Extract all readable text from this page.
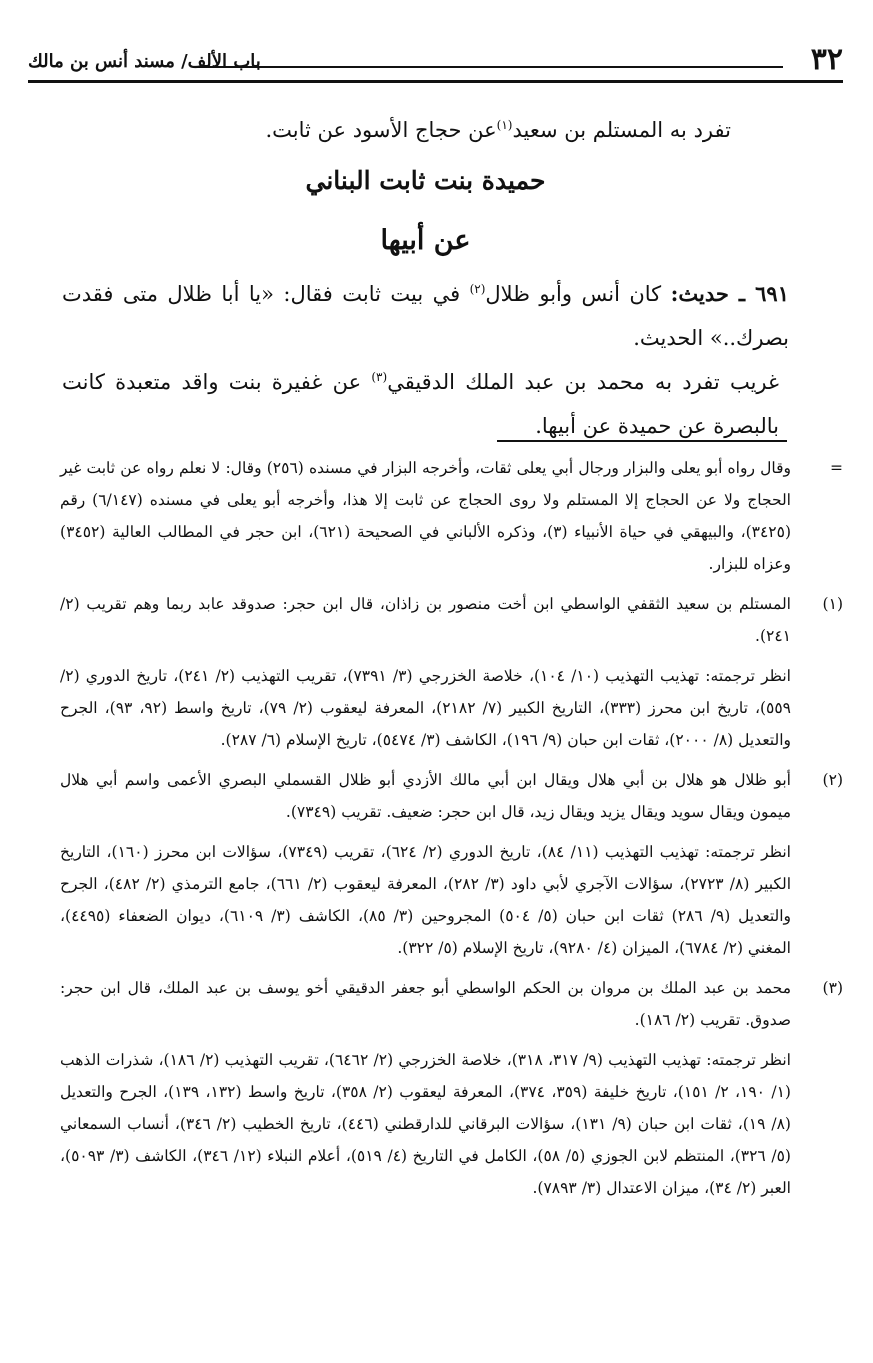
٣٢
باب الألف/ مسند أنس بن مالك

تفرد به المستلم بن سعيد$^{(١)}$عن حجاج الأسود عن ثابت.

حميدة بنت ثابت البناني
عن أبيها

٦٩١ ـ حديث: كان أنس وأبو ظلال$^{(٢)}$ في بيت ثابت فقال: «يا أبا ظلال متى فقدت بصرك..» الحديث.

غريب تفرد به محمد بن عبد الملك الدقيقي$^{(٣)}$ عن غفيرة بنت واقد متعبدة كانت بالبصرة عن حميدة عن أبيها.

=
وقال رواه أبو يعلى والبزار ورجال أبي يعلى ثقات، وأخرجه البزار في مسنده (٢٥٦) وقال: لا نعلم رواه عن ثابت غير الحجاج ولا عن الحجاج إلا المستلم ولا روى الحجاج عن ثابت إلا هذا، وأخرجه أبو يعلى في مسنده (٦/١٤٧) رقم (٣٤٢٥)، والبيهقي في حياة الأنبياء (٣)، وذكره الألباني في الصحيحة (٦٢١)، ابن حجر في المطالب العالية (٣٤٥٢) وعزاه للبزار.
(١)
المستلم بن سعيد الثقفي الواسطي ابن أخت منصور بن زاذان، قال ابن حجر: صدوقد عابد ربما وهم تقريب (٢/ ٢٤١).
انظر ترجمته: تهذيب التهذيب (١٠/ ١٠٤)، خلاصة الخزرجي (٣/ ٧٣٩١)، تقريب التهذيب (٢/ ٢٤١)، تاريخ الدوري (٢/ ٥٥٩)، تاريخ ابن محرز (٣٣٣)، التاريخ الكبير (٧/ ٢١٨٢)، المعرفة ليعقوب (٢/ ٧٩)، تاريخ واسط (٩٢، ٩٣)، الجرح والتعديل (٨/ ٢٠٠٠)، ثقات ابن حبان (٩/ ١٩٦)، الكاشف (٣/ ٥٤٧٤)، تاريخ الإسلام (٦/ ٢٨٧).
(٢)
أبو ظلال هو هلال بن أبي هلال ويقال ابن أبي مالك الأزدي أبو ظلال القسملي البصري الأعمى واسم أبي هلال ميمون ويقال سويد ويقال يزيد ويقال زيد، قال ابن حجر: ضعيف. تقريب (٧٣٤٩).
انظر ترجمته: تهذيب التهذيب (١١/ ٨٤)، تاريخ الدوري (٢/ ٦٢٤)، تقريب (٧٣٤٩)، سؤالات ابن محرز (١٦٠)، التاريخ الكبير (٨/ ٢٧٢٣)، سؤالات الآجري لأبي داود (٣/ ٢٨٢)، المعرفة ليعقوب (٢/ ٦٦١)، جامع الترمذي (٢/ ٤٨٢)، الجرح والتعديل (٩/ ٢٨٦) ثقات ابن حبان (٥/ ٥٠٤) المجروحين (٣/ ٨٥)، الكاشف (٣/ ٦١٠٩)، ديوان الضعفاء (٤٤٩٥)، المغني (٢/ ٦٧٨٤)، الميزان (٤/ ٩٢٨٠)، تاريخ الإسلام (٥/ ٣٢٢).
(٣)
محمد بن عبد الملك بن مروان بن الحكم الواسطي أبو جعفر الدقيقي أخو يوسف بن عبد الملك، قال ابن حجر: صدوق. تقريب (٢/ ١٨٦).
انظر ترجمته: تهذيب التهذيب (٩/ ٣١٧، ٣١٨)، خلاصة الخزرجي (٢/ ٦٤٦٢)، تقريب التهذيب (٢/ ١٨٦)، شذرات الذهب (١/ ١٩٠، ٢/ ١٥١)، تاريخ خليفة (٣٥٩، ٣٧٤)، المعرفة ليعقوب (٢/ ٣٥٨)، تاريخ واسط (١٣٢، ١٣٩)، الجرح والتعديل (٨/ ١٩)، ثقات ابن حبان (٩/ ١٣١)، سؤالات البرقاني للدارقطني (٤٤٦)، تاريخ الخطيب (٢/ ٣٤٦)، أنساب السمعاني (٥/ ٣٢٦)، المنتظم لابن الجوزي (٥/ ٥٨)، الكامل في التاريخ (٤/ ٥١٩)، أعلام النبلاء (١٢/ ٣٤٦)، الكاشف (٣/ ٥٠٩٣)، العبر (٢/ ٣٤)، ميزان الاعتدال (٣/ ٧٨٩٣).
